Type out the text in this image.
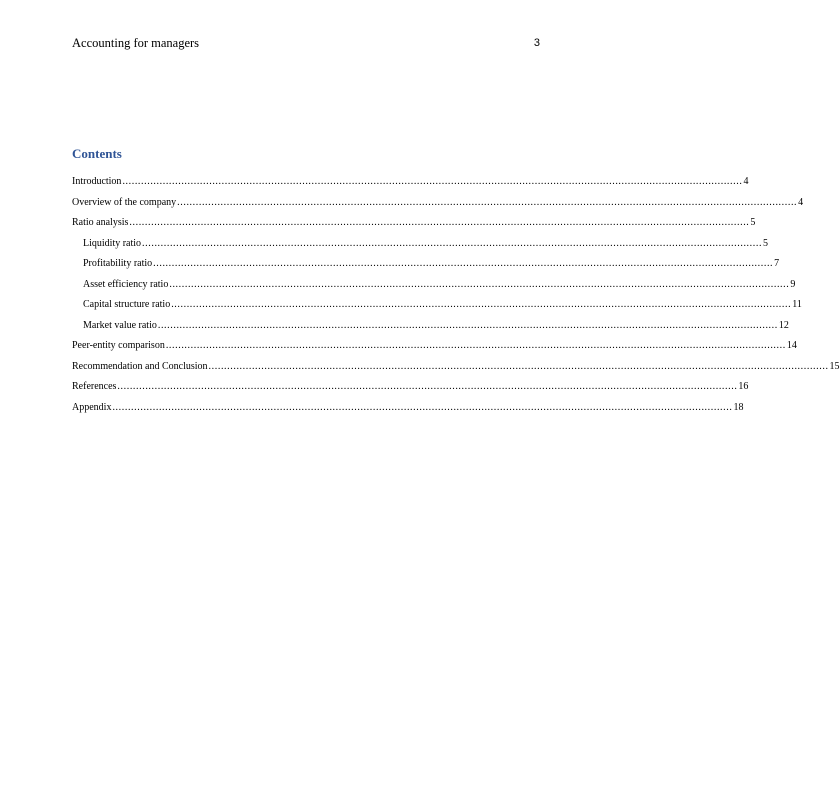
Accounting for managers	3
Contents
Introduction ........................................................................................................................................................................................................ 4
Overview of the company ........................................................................................................................................................................................................ 4
Ratio analysis ........................................................................................................................................................................................................ 5
Liquidity ratio ........................................................................................................................................................................................................ 5
Profitability ratio ........................................................................................................................................................................................................ 7
Asset efficiency ratio ........................................................................................................................................................................................................ 9
Capital structure ratio ........................................................................................................................................................................................................ 11
Market value ratio ........................................................................................................................................................................................................ 12
Peer-entity comparison ........................................................................................................................................................................................................ 14
Recommendation and Conclusion ........................................................................................................................................................................................................ 15
References ........................................................................................................................................................................................................ 16
Appendix ........................................................................................................................................................................................................ 18
